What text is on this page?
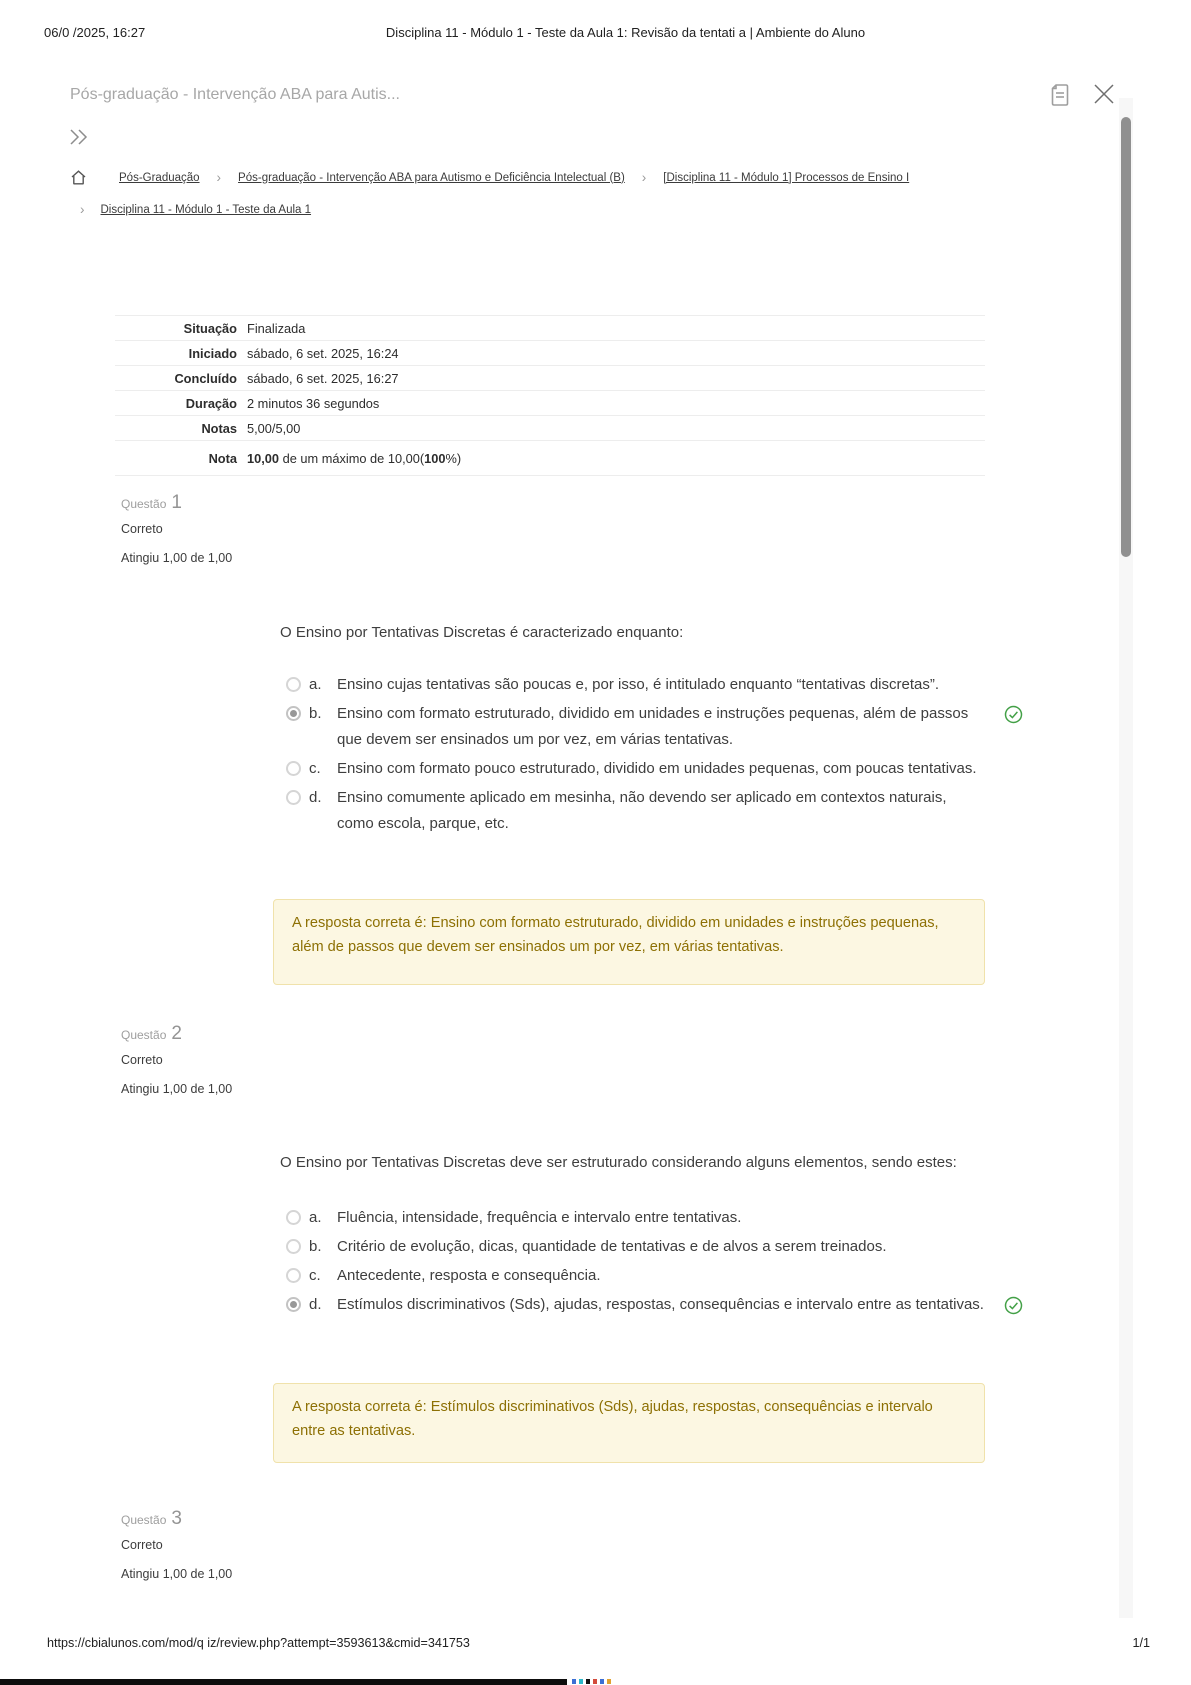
06/0 /2025, 16:27	Disciplina 11 - Módulo 1 - Teste da Aula 1: Revisão da tentati a | Ambiente do Aluno
Pós-graduação - Intervenção ABA para Autis...
Pós-Graduação › Pós-graduação - Intervenção ABA para Autismo e Deficiência Intelectual (B) › [Disciplina 11 - Módulo 1] Processos de Ensino I
› Disciplina 11 - Módulo 1 - Teste da Aula 1
Situação Finalizada
Iniciado sábado, 6 set. 2025, 16:24
Concluído sábado, 6 set. 2025, 16:27
Duração 2 minutos 36 segundos
Notas 5,00/5,00
Nota 10,00 de um máximo de 10,00(100%)
Questão 1
Correto
Atingiu 1,00 de 1,00
O Ensino por Tentativas Discretas é caracterizado enquanto:
a.	Ensino cujas tentativas são poucas e, por isso, é intitulado enquanto “tentativas discretas”.
b.	Ensino com formato estruturado, dividido em unidades e instruções pequenas, além de passos que devem ser ensinados um por vez, em várias tentativas.
c.	Ensino com formato pouco estruturado, dividido em unidades pequenas, com poucas tentativas.
d.	Ensino comumente aplicado em mesinha, não devendo ser aplicado em contextos naturais, como escola, parque, etc.
A resposta correta é: Ensino com formato estruturado, dividido em unidades e instruções pequenas, além de passos que devem ser ensinados um por vez, em várias tentativas.
Questão 2
Correto
Atingiu 1,00 de 1,00
O Ensino por Tentativas Discretas deve ser estruturado considerando alguns elementos, sendo estes:
a.	Fluência, intensidade, frequência e intervalo entre tentativas.
b.	Critério de evolução, dicas, quantidade de tentativas e de alvos a serem treinados.
c.	Antecedente, resposta e consequência.
d.	Estímulos discriminativos (Sds), ajudas, respostas, consequências e intervalo entre as tentativas.
A resposta correta é: Estímulos discriminativos (Sds), ajudas, respostas, consequências e intervalo entre as tentativas.
Questão 3
Correto
Atingiu 1,00 de 1,00
https://cbialunos.com/mod/q iz/review.php?attempt=3593613&cmid=341753	1/1
